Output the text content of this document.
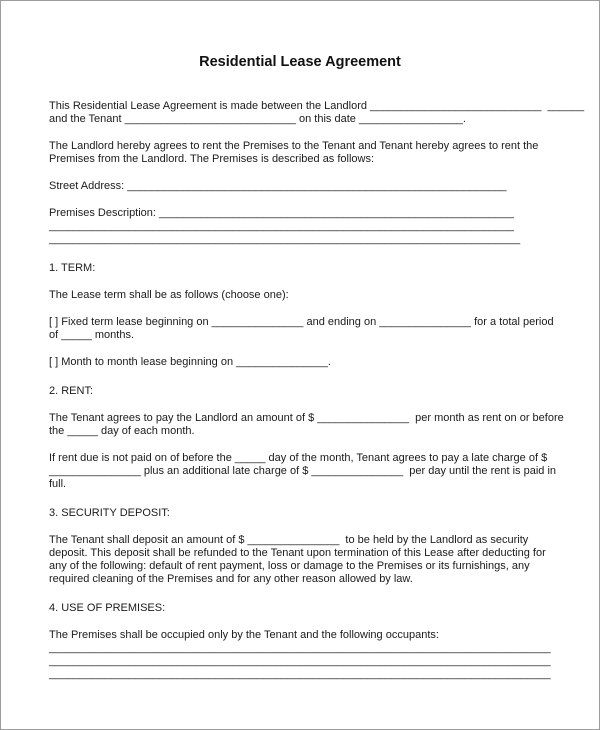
Residential Lease Agreement
This Residential Lease Agreement is made between the Landlord ____________________________  ______
and the Tenant ____________________________ on this date _________________.
The Landlord hereby agrees to rent the Premises to the Tenant and Tenant hereby agrees to rent the
Premises from the Landlord. The Premises is described as follows:
Street Address: ______________________________________________________________
Premises Description: __________________________________________________________
____________________________________________________________________________
_____________________________________________________________________________
1. TERM:
The Lease term shall be as follows (choose one):
[ ] Fixed term lease beginning on _______________ and ending on _______________ for a total period
of _____ months.
[ ] Month to month lease beginning on _______________.
2. RENT:
The Tenant agrees to pay the Landlord an amount of $ _______________  per month as rent on or before
the _____ day of each month.
If rent due is not paid on of before the _____ day of the month, Tenant agrees to pay a late charge of $
_______________ plus an additional late charge of $ _______________  per day until the rent is paid in
full.
3. SECURITY DEPOSIT:
The Tenant shall deposit an amount of $ _______________  to be held by the Landlord as security
deposit. This deposit shall be refunded to the Tenant upon termination of this Lease after deducting for
any of the following: default of rent payment, loss or damage to the Premises or its furnishings, any
required cleaning of the Premises and for any other reason allowed by law.
4. USE OF PREMISES:
The Premises shall be occupied only by the Tenant and the following occupants:
__________________________________________________________________________________
__________________________________________________________________________________
__________________________________________________________________________________
